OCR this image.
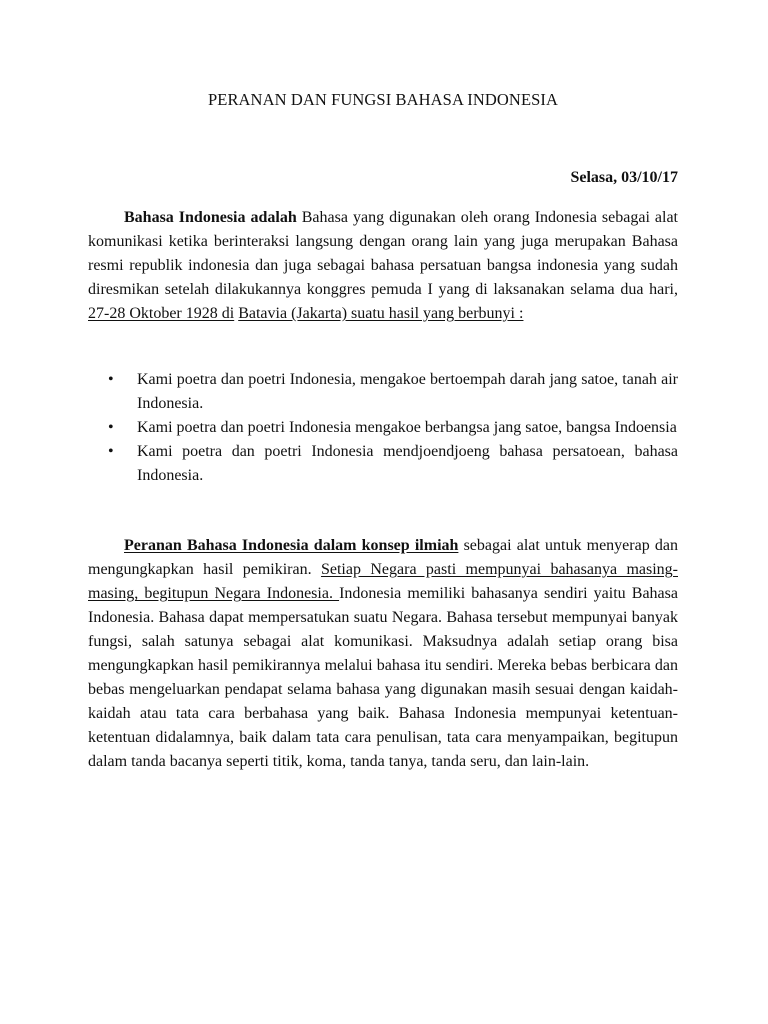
PERANAN DAN FUNGSI BAHASA INDONESIA
Selasa, 03/10/17

Bahasa Indonesia adalah Bahasa yang digunakan oleh orang Indonesia sebagai alat komunikasi ketika berinteraksi langsung dengan orang lain yang juga merupakan Bahasa resmi republik indonesia dan juga sebagai bahasa persatuan bangsa indonesia yang sudah diresmikan setelah dilakukannya konggres pemuda I yang di laksanakan selama dua hari, 27-28 Oktober 1928 di Batavia (Jakarta) suatu hasil yang berbunyi :

•	Kami poetra dan poetri Indonesia, mengakoe bertoempah darah jang satoe, tanah air Indonesia.
•	Kami poetra dan poetri Indonesia mengakoe berbangsa jang satoe, bangsa Indoensia
•	Kami poetra dan poetri Indonesia mendjoendjoeng bahasa persatoean, bahasa Indonesia.

Peranan Bahasa Indonesia dalam konsep ilmiah sebagai alat untuk menyerap dan mengungkapkan hasil pemikiran. Setiap Negara pasti mempunyai bahasanya masing-masing, begitupun Negara Indonesia. Indonesia memiliki bahasanya sendiri yaitu Bahasa Indonesia. Bahasa dapat mempersatukan suatu Negara. Bahasa tersebut mempunyai banyak fungsi, salah satunya sebagai alat komunikasi. Maksudnya adalah setiap orang bisa mengungkapkan hasil pemikirannya melalui bahasa itu sendiri. Mereka bebas berbicara dan bebas mengeluarkan pendapat selama bahasa yang digunakan masih sesuai dengan kaidah-kaidah atau tata cara berbahasa yang baik. Bahasa Indonesia mempunyai ketentuan-ketentuan didalamnya, baik dalam tata cara penulisan, tata cara menyampaikan, begitupun dalam tanda bacanya seperti titik, koma, tanda tanya, tanda seru, dan lain-lain.
